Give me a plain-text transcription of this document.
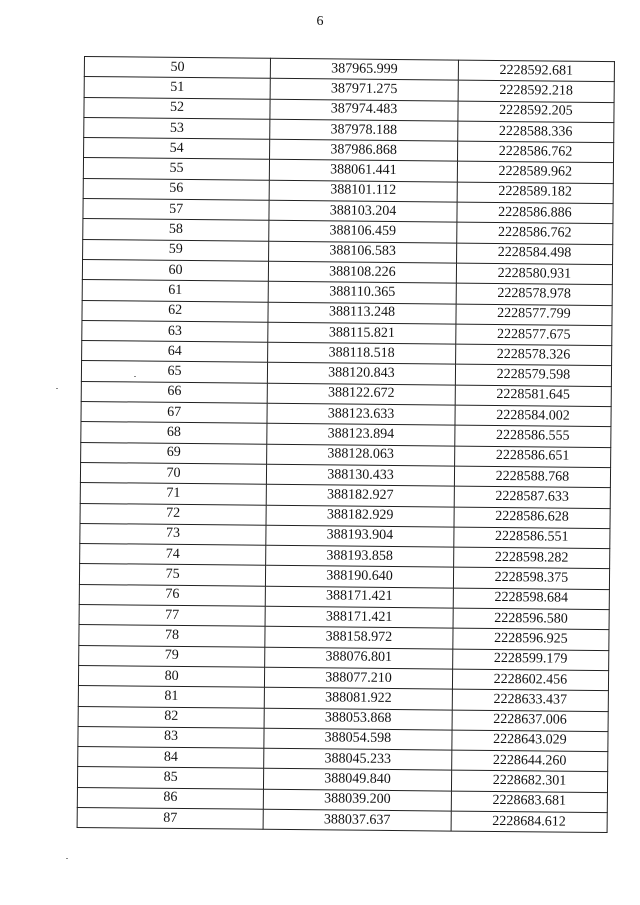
6
50	387965.999	2228592.681
51	387971.275	2228592.218
52	387974.483	2228592.205
53	387978.188	2228588.336
54	387986.868	2228586.762
55	388061.441	2228589.962
56	388101.112	2228589.182
57	388103.204	2228586.886
58	388106.459	2228586.762
59	388106.583	2228584.498
60	388108.226	2228580.931
61	388110.365	2228578.978
62	388113.248	2228577.799
63	388115.821	2228577.675
64	388118.518	2228578.326
65	388120.843	2228579.598
66	388122.672	2228581.645
67	388123.633	2228584.002
68	388123.894	2228586.555
69	388128.063	2228586.651
70	388130.433	2228588.768
71	388182.927	2228587.633
72	388182.929	2228586.628
73	388193.904	2228586.551
74	388193.858	2228598.282
75	388190.640	2228598.375
76	388171.421	2228598.684
77	388171.421	2228596.580
78	388158.972	2228596.925
79	388076.801	2228599.179
80	388077.210	2228602.456
81	388081.922	2228633.437
82	388053.868	2228637.006
83	388054.598	2228643.029
84	388045.233	2228644.260
85	388049.840	2228682.301
86	388039.200	2228683.681
87	388037.637	2228684.612
